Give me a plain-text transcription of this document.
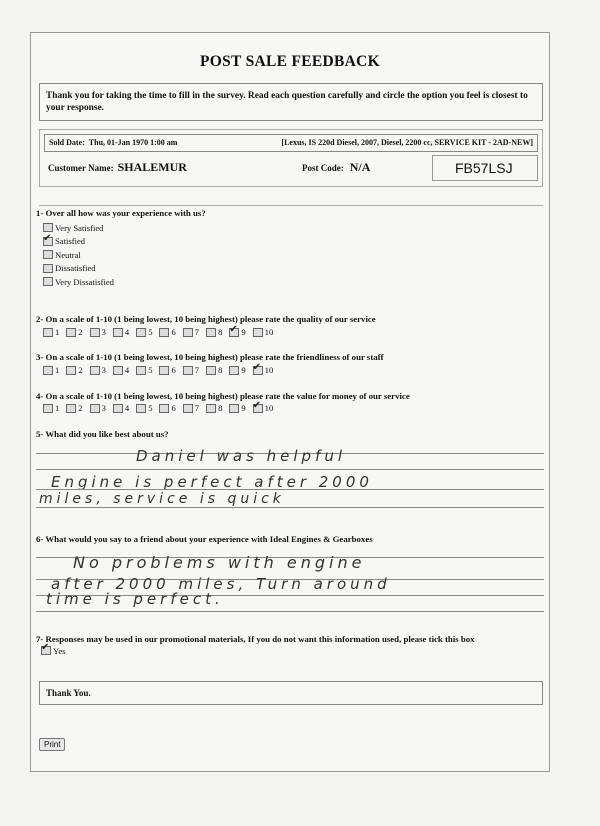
POST SALE FEEDBACK
Thank you for taking the time to fill in the survey. Read each question carefully and circle the option you feel is closest to your response.
Sold Date: Thu, 01-Jan 1970 1:00 am	[Lexus, IS 220d Diesel, 2007, Diesel, 2200 cc, SERVICE KIT - 2AD-NEW]
Customer Name: SHALEMUR	Post Code: N/A	FB57LSJ
1- Over all how was your experience with us?
Very Satisfied
✔
Satisfied
Neutral
Dissatisfied
Very Dissatisfied
2- On a scale of 1-10 (1 being lowest, 10 being highest) please rate the quality of our service
1 2 3 4 5 6 7 8 ✔ 9 10
3- On a scale of 1-10 (1 being lowest, 10 being highest) please rate the friendliness of our staff
1 2 3 4 5 6 7 8 9 ✔ 10
4- On a scale of 1-10 (1 being lowest, 10 being highest) please rate the value for money of our service
1 2 3 4 5 6 7 8 9 ✔ 10
5- What did you like best about us?
Daniel was helpful
Engine is perfect after 2000
miles, service is quick
6- What would you say to a friend about your experience with Ideal Engines & Gearboxes
No problems with engine
after 2000 miles, Turn around
time is perfect.
7- Responses may be used in our promotional materials, If you do not want this information used, please tick this box
✔
Yes
Thank You.
Print
